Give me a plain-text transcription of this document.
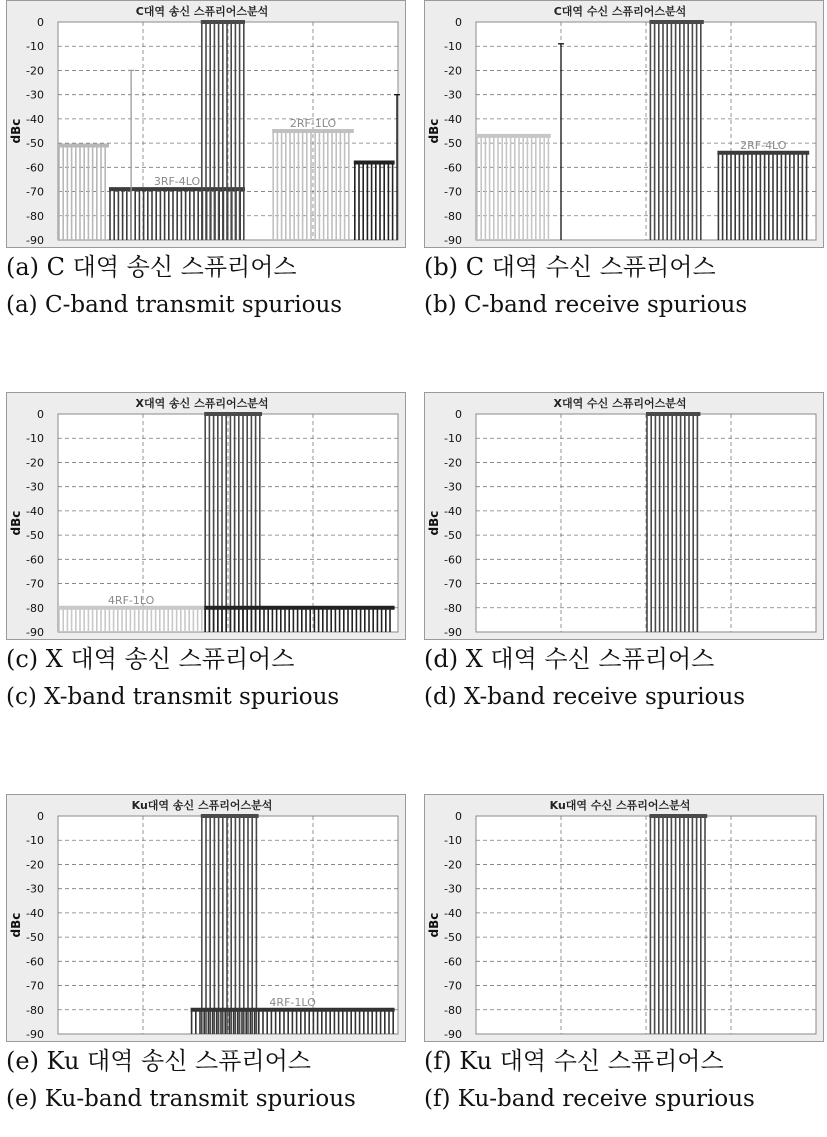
C대역 송신 스퓨리어스분석
0
-10
-20
-30
-40
-50
-60
-70
-80
-90
dBc
3RF-4LO
2RF-1LO
(a) C 대역 송신 스퓨리어스
(a) C-band transmit spurious
C대역 수신 스퓨리어스분석
0
-10
-20
-30
-40
-50
-60
-70
-80
-90
dBc
2RF-4LO
(b) C 대역 수신 스퓨리어스
(b) C-band receive spurious
X대역 송신 스퓨리어스분석
0
-10
-20
-30
-40
-50
-60
-70
-80
-90
dBc
4RF-1LO
(c) X 대역 송신 스퓨리어스
(c) X-band transmit spurious
X대역 수신 스퓨리어스분석
0
-10
-20
-30
-40
-50
-60
-70
-80
-90
dBc
(d) X 대역 수신 스퓨리어스
(d) X-band receive spurious
Ku대역 송신 스퓨리어스분석
0
-10
-20
-30
-40
-50
-60
-70
-80
-90
dBc
4RF-1LO
(e) Ku 대역 송신 스퓨리어스
(e) Ku-band transmit spurious
Ku대역 수신 스퓨리어스분석
0
-10
-20
-30
-40
-50
-60
-70
-80
-90
dBc
(f) Ku 대역 수신 스퓨리어스
(f) Ku-band receive spurious
